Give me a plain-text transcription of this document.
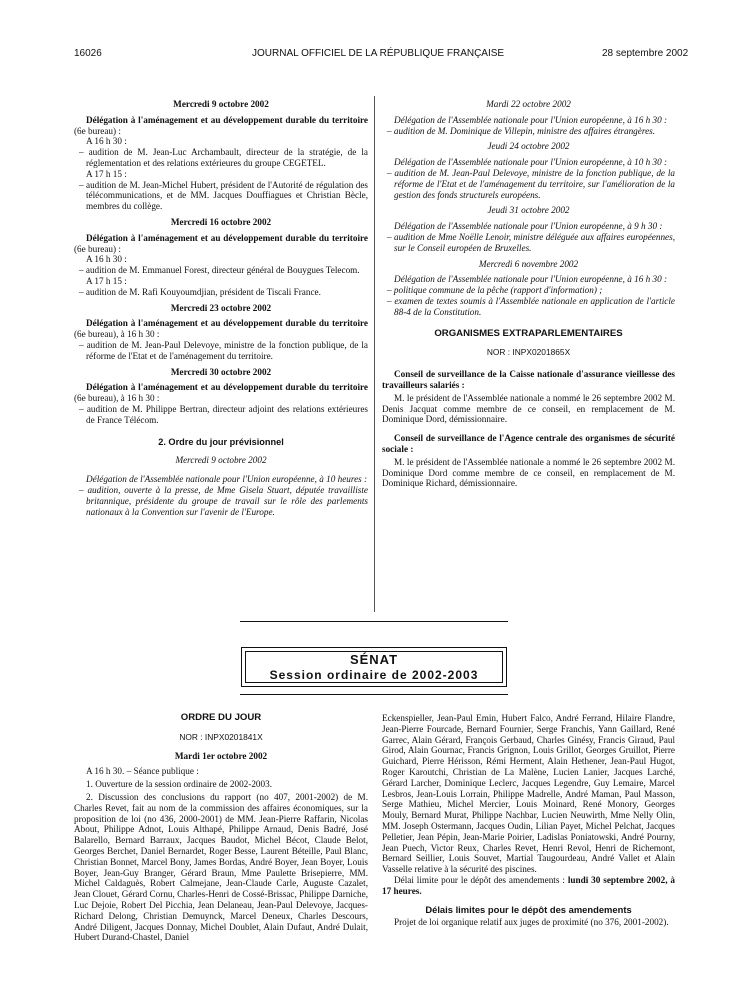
16026	JOURNAL OFFICIEL DE LA RÉPUBLIQUE FRANÇAISE	28 septembre 2002

Mercredi 9 octobre 2002

Délégation à l'aménagement et au développement durable du territoire (6e bureau) :

A 16 h 30 :

– audition de M. Jean-Luc Archambault, directeur de la stratégie, de la réglementation et des relations extérieures du groupe CEGETEL.

A 17 h 15 :

– audition de M. Jean-Michel Hubert, président de l'Autorité de régulation des télécommunications, et de MM. Jacques Douffiagues et Christian Bècle, membres du collège.

Mercredi 16 octobre 2002

Délégation à l'aménagement et au développement durable du territoire (6e bureau) :

A 16 h 30 :

– audition de M. Emmanuel Forest, directeur général de Bouygues Telecom.

A 17 h 15 :

– audition de M. Rafi Kouyoumdjian, président de Tiscali France.

Mercredi 23 octobre 2002

Délégation à l'aménagement et au développement durable du territoire (6e bureau), à 16 h 30 :

– audition de M. Jean-Paul Delevoye, ministre de la fonction publique, de la réforme de l'Etat et de l'aménagement du territoire.

Mercredi 30 octobre 2002

Délégation à l'aménagement et au développement durable du territoire (6e bureau), à 16 h 30 :

– audition de M. Philippe Bertran, directeur adjoint des relations extérieures de France Télécom.

2. Ordre du jour prévisionnel

Mercredi 9 octobre 2002

Délégation de l'Assemblée nationale pour l'Union européenne, à 10 heures :

– audition, ouverte à la presse, de Mme Gisela Stuart, députée travailliste britannique, présidente du groupe de travail sur le rôle des parlements nationaux à la Convention sur l'avenir de l'Europe.

Mardi 22 octobre 2002

Délégation de l'Assemblée nationale pour l'Union européenne, à 16 h 30 :

– audition de M. Dominique de Villepin, ministre des affaires étrangères.

Jeudi 24 octobre 2002

Délégation de l'Assemblée nationale pour l'Union européenne, à 10 h 30 :

– audition de M. Jean-Paul Delevoye, ministre de la fonction publique, de la réforme de l'Etat et de l'aménagement du territoire, sur l'amélioration de la gestion des fonds structurels européens.

Jeudi 31 octobre 2002

Délégation de l'Assemblée nationale pour l'Union européenne, à 9 h 30 :

– audition de Mme Noëlle Lenoir, ministre déléguée aux affaires européennes, sur le Conseil européen de Bruxelles.

Mercredi 6 novembre 2002

Délégation de l'Assemblée nationale pour l'Union européenne, à 16 h 30 :

– politique commune de la pêche (rapport d'information) ;

– examen de textes soumis à l'Assemblée nationale en application de l'article 88-4 de la Constitution.

ORGANISMES EXTRAPARLEMENTAIRES

NOR : INPX0201865X

Conseil de surveillance de la Caisse nationale d'assurance vieillesse des travailleurs salariés :

M. le président de l'Assemblée nationale a nommé le 26 septembre 2002 M. Denis Jacquat comme membre de ce conseil, en remplacement de M. Dominique Dord, démissionnaire.

Conseil de surveillance de l'Agence centrale des organismes de sécurité sociale :

M. le président de l'Assemblée nationale a nommé le 26 septembre 2002 M. Dominique Dord comme membre de ce conseil, en remplacement de M. Dominique Richard, démissionnaire.

SÉNAT
Session ordinaire de 2002-2003

ORDRE DU JOUR

NOR : INPX0201841X

Mardi 1er octobre 2002

A 16 h 30. – Séance publique :

1. Ouverture de la session ordinaire de 2002-2003.

2. Discussion des conclusions du rapport (no 407, 2001-2002) de M. Charles Revet, fait au nom de la commission des affaires économiques, sur la proposition de loi (no 436, 2000-2001) de MM. Jean-Pierre Raffarin, Nicolas About, Philippe Adnot, Louis Althapé, Philippe Arnaud, Denis Badré, José Balarello, Bernard Barraux, Jacques Baudot, Michel Bécot, Claude Belot, Georges Berchet, Daniel Bernardet, Roger Besse, Laurent Béteille, Paul Blanc, Christian Bonnet, Marcel Bony, James Bordas, André Boyer, Jean Boyer, Louis Boyer, Jean-Guy Branger, Gérard Braun, Mme Paulette Brisepierre, MM. Michel Caldaguès, Robert Calmejane, Jean-Claude Carle, Auguste Cazalet, Jean Clouet, Gérard Cornu, Charles-Henri de Cossé-Brissac, Philippe Darniche, Luc Dejoie, Robert Del Picchia, Jean Delaneau, Jean-Paul Delevoye, Jacques-Richard Delong, Christian Demuynck, Marcel Deneux, Charles Descours, André Diligent, Jacques Donnay, Michel Doublet, Alain Dufaut, André Dulait, Hubert Durand-Chastel, Daniel

Eckenspieller, Jean-Paul Emin, Hubert Falco, André Ferrand, Hilaire Flandre, Jean-Pierre Fourcade, Bernard Fournier, Serge Franchis, Yann Gaillard, René Garrec, Alain Gérard, François Gerbaud, Charles Ginésy, Francis Giraud, Paul Girod, Alain Gournac, Francis Grignon, Louis Grillot, Georges Gruillot, Pierre Guichard, Pierre Hérisson, Rémi Herment, Alain Hethener, Jean-Paul Hugot, Roger Karoutchi, Christian de La Malène, Lucien Lanier, Jacques Larché, Gérard Larcher, Dominique Leclerc, Jacques Legendre, Guy Lemaire, Marcel Lesbros, Jean-Louis Lorrain, Philippe Madrelle, André Maman, Paul Masson, Serge Mathieu, Michel Mercier, Louis Moinard, René Monory, Georges Mouly, Bernard Murat, Philippe Nachbar, Lucien Neuwirth, Mme Nelly Olin, MM. Joseph Ostermann, Jacques Oudin, Lilian Payet, Michel Pelchat, Jacques Pelletier, Jean Pépin, Jean-Marie Poirier, Ladislas Poniatowski, André Pourny, Jean Puech, Victor Reux, Charles Revet, Henri Revol, Henri de Richemont, Bernard Seillier, Louis Souvet, Martial Taugourdeau, André Vallet et Alain Vasselle relative à la sécurité des piscines.

Délai limite pour le dépôt des amendements : lundi 30 septembre 2002, à 17 heures.

Délais limites pour le dépôt des amendements

Projet de loi organique relatif aux juges de proximité (no 376, 2001-2002).
